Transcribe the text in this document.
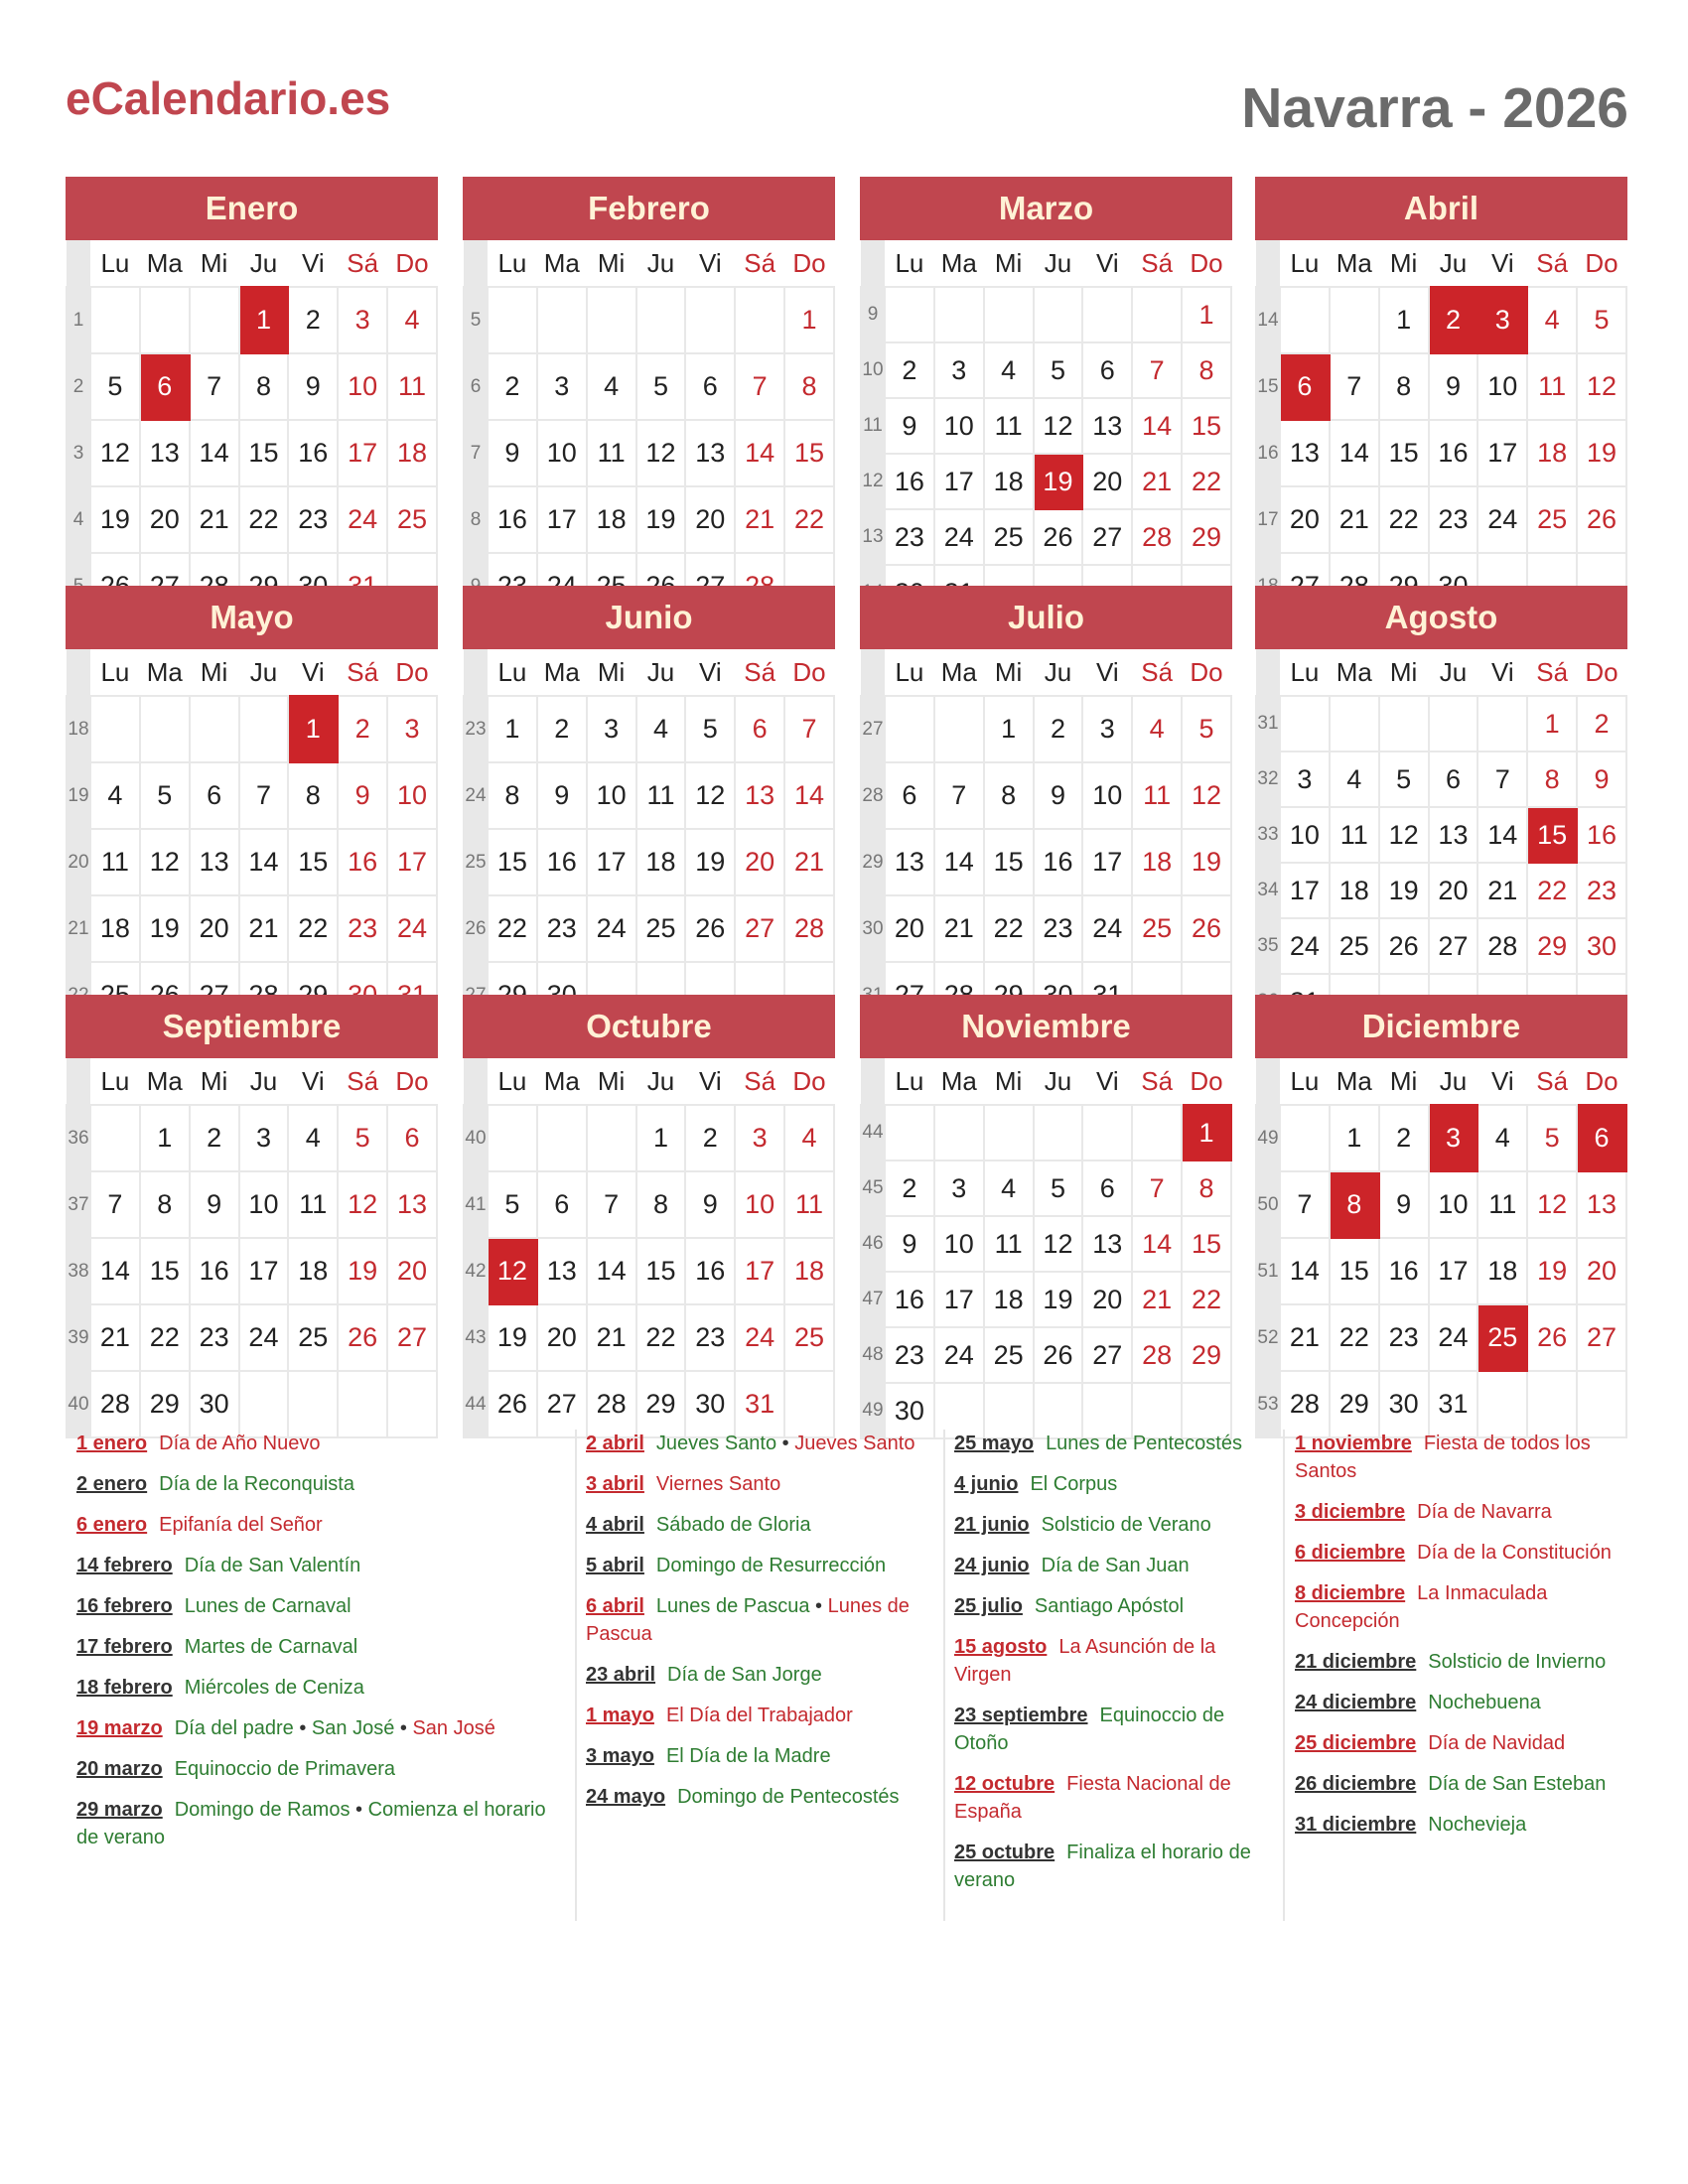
eCalendario.es	Navarra - 2026
Enero
	Lu	Ma	Mi	Ju	Vi	Sá	Do
1				1	2	3	4
2	5	6	7	8	9	10	11
3	12	13	14	15	16	17	18
4	19	20	21	22	23	24	25

Febrero
	Lu	Ma	Mi	Ju	Vi	Sá	Do
5							1
6	2	3	4	5	6	7	8
7	9	10	11	12	13	14	15
8	16	17	18	19	20	21	22

Marzo
	Lu	Ma	Mi	Ju	Vi	Sá	Do
9							1
10	2	3	4	5	6	7	8
11	9	10	11	12	13	14	15
12	16	17	18	19	20	21	22
13	23	24	25	26	27	28	29

Abril
	Lu	Ma	Mi	Ju	Vi	Sá	Do
14			1	2	3	4	5
15	6	7	8	9	10	11	12
16	13	14	15	16	17	18	19
17	20	21	22	23	24	25	26

Mayo
	Lu	Ma	Mi	Ju	Vi	Sá	Do
18					1	2	3
19	4	5	6	7	8	9	10
20	11	12	13	14	15	16	17
21	18	19	20	21	22	23	24

Junio
	Lu	Ma	Mi	Ju	Vi	Sá	Do
23	1	2	3	4	5	6	7
24	8	9	10	11	12	13	14
25	15	16	17	18	19	20	21
26	22	23	24	25	26	27	28

Julio
	Lu	Ma	Mi	Ju	Vi	Sá	Do
27			1	2	3	4	5
28	6	7	8	9	10	11	12
29	13	14	15	16	17	18	19
30	20	21	22	23	24	25	26

Agosto
	Lu	Ma	Mi	Ju	Vi	Sá	Do
31						1	2
32	3	4	5	6	7	8	9
33	10	11	12	13	14	15	16
34	17	18	19	20	21	22	23
35	24	25	26	27	28	29	30

Septiembre
	Lu	Ma	Mi	Ju	Vi	Sá	Do
36		1	2	3	4	5	6
37	7	8	9	10	11	12	13
38	14	15	16	17	18	19	20
39	21	22	23	24	25	26	27
40	28	29	30				
Octubre
	Lu	Ma	Mi	Ju	Vi	Sá	Do
40				1	2	3	4
41	5	6	7	8	9	10	11
42	12	13	14	15	16	17	18
43	19	20	21	22	23	24	25
44	26	27	28	29	30	31	
Noviembre
	Lu	Ma	Mi	Ju	Vi	Sá	Do
44							1
45	2	3	4	5	6	7	8
46	9	10	11	12	13	14	15
47	16	17	18	19	20	21	22
48	23	24	25	26	27	28	29
49	30						
Diciembre
	Lu	Ma	Mi	Ju	Vi	Sá	Do
49		1	2	3	4	5	6
50	7	8	9	10	11	12	13
51	14	15	16	17	18	19	20
52	21	22	23	24	25	26	27
53	28	29	30	31			
1 enero Día de Año Nuevo
2 enero Día de la Reconquista
6 enero Epifanía del Señor
14 febrero Día de San Valentín
16 febrero Lunes de Carnaval
17 febrero Martes de Carnaval
18 febrero Miércoles de Ceniza
19 marzo Día del padre • San José • San José
20 marzo Equinoccio de Primavera
29 marzo Domingo de Ramos • Comienza el horario de verano
2 abril Jueves Santo • Jueves Santo
3 abril Viernes Santo
4 abril Sábado de Gloria
5 abril Domingo de Resurrección
6 abril Lunes de Pascua • Lunes de Pascua
23 abril Día de San Jorge
1 mayo El Día del Trabajador
3 mayo El Día de la Madre
24 mayo Domingo de Pentecostés
25 mayo Lunes de Pentecostés
4 junio El Corpus
21 junio Solsticio de Verano
24 junio Día de San Juan
25 julio Santiago Apóstol
15 agosto La Asunción de la Virgen
23 septiembre Equinoccio de Otoño
12 octubre Fiesta Nacional de España
25 octubre Finaliza el horario de verano
1 noviembre Fiesta de todos los Santos
3 diciembre Día de Navarra
6 diciembre Día de la Constitución
8 diciembre La Inmaculada Concepción
21 diciembre Solsticio de Invierno
24 diciembre Nochebuena
25 diciembre Día de Navidad
26 diciembre Día de San Esteban
31 diciembre Nochevieja
